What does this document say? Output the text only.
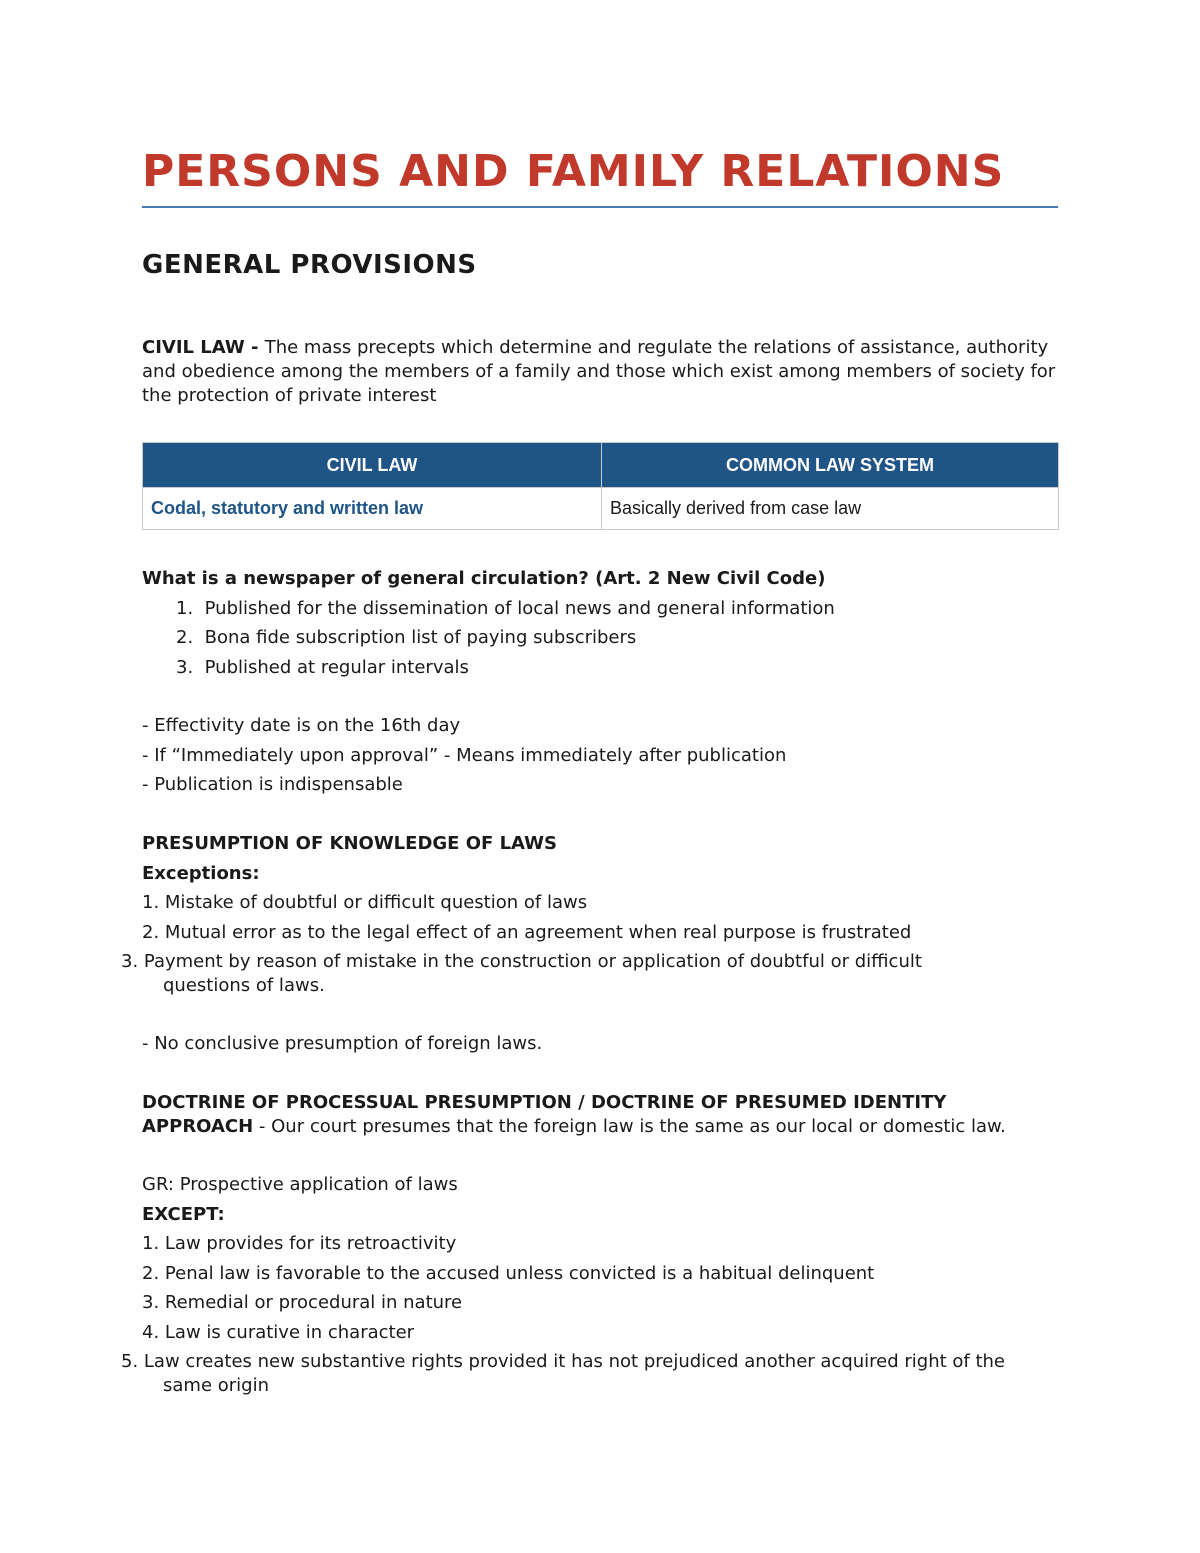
PERSONS AND FAMILY RELATIONS
GENERAL PROVISIONS

CIVIL LAW - The mass precepts which determine and regulate the relations of assistance, authority and obedience among the members of a family and those which exist among members of society for the protection of private interest

CIVIL LAW	COMMON LAW SYSTEM
Codal, statutory and written law	Basically derived from case law

What is a newspaper of general circulation? (Art. 2 New Civil Code)

1.  Published for the dissemination of local news and general information

2.  Bona fide subscription list of paying subscribers

3.  Published at regular intervals

- Effectivity date is on the 16th day

- If “Immediately upon approval” - Means immediately after publication

- Publication is indispensable

PRESUMPTION OF KNOWLEDGE OF LAWS

Exceptions:

1. Mistake of doubtful or difficult question of laws

2. Mutual error as to the legal effect of an agreement when real purpose is frustrated

3. Payment by reason of mistake in the construction or application of doubtful or difficult questions of laws.

- No conclusive presumption of foreign laws.

DOCTRINE OF PROCESSUAL PRESUMPTION / DOCTRINE OF PRESUMED IDENTITY APPROACH - Our court presumes that the foreign law is the same as our local or domestic law.

GR: Prospective application of laws

EXCEPT:

1. Law provides for its retroactivity

2. Penal law is favorable to the accused unless convicted is a habitual delinquent

3. Remedial or procedural in nature

4. Law is curative in character

5. Law creates new substantive rights provided it has not prejudiced another acquired right of the same origin
